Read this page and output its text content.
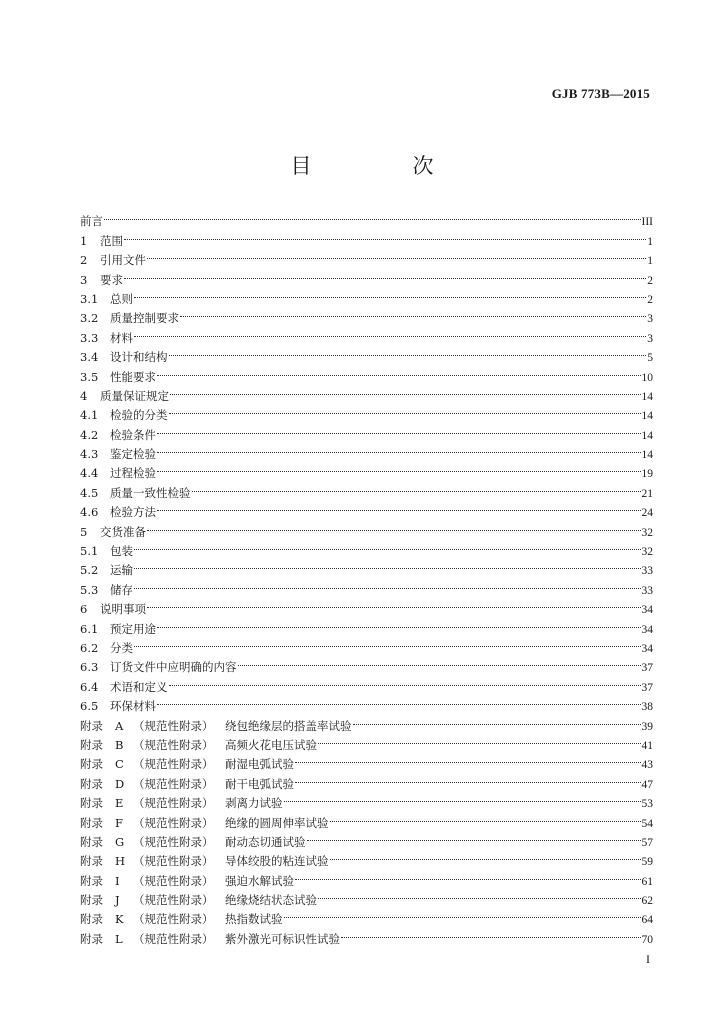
GJB 773B—2015
目　次
前言	III
1	范围	1
2	引用文件	1
3	要求	2
3.1	总则	2
3.2	质量控制要求	3
3.3	材料	3
3.4	设计和结构	5
3.5	性能要求	10
4	质量保证规定	14
4.1	检验的分类	14
4.2	检验条件	14
4.3	鉴定检验	14
4.4	过程检验	19
4.5	质量一致性检验	21
4.6	检验方法	24
5	交货准备	32
5.1	包装	32
5.2	运输	33
5.3	储存	33
6	说明事项	34
6.1	预定用途	34
6.2	分类	34
6.3	订货文件中应明确的内容	37
6.4	术语和定义	37
6.5	环保材料	38
附录	A （规范性附录）	绕包绝缘层的搭盖率试验	39
附录	B （规范性附录）	高频火花电压试验	41
附录	C （规范性附录）	耐湿电弧试验	43
附录	D （规范性附录）	耐干电弧试验	47
附录	E （规范性附录）	剥离力试验	53
附录	F （规范性附录）	绝缘的圆周伸率试验	54
附录	G （规范性附录）	耐动态切通试验	57
附录	H （规范性附录）	导体绞股的粘连试验	59
附录	I	（规范性附录）	强迫水解试验	61
附录	J	（规范性附录）	绝缘烧结状态试验	62
附录	K （规范性附录）	热指数试验	64
附录	L （规范性附录）	紫外激光可标识性试验	70
I
